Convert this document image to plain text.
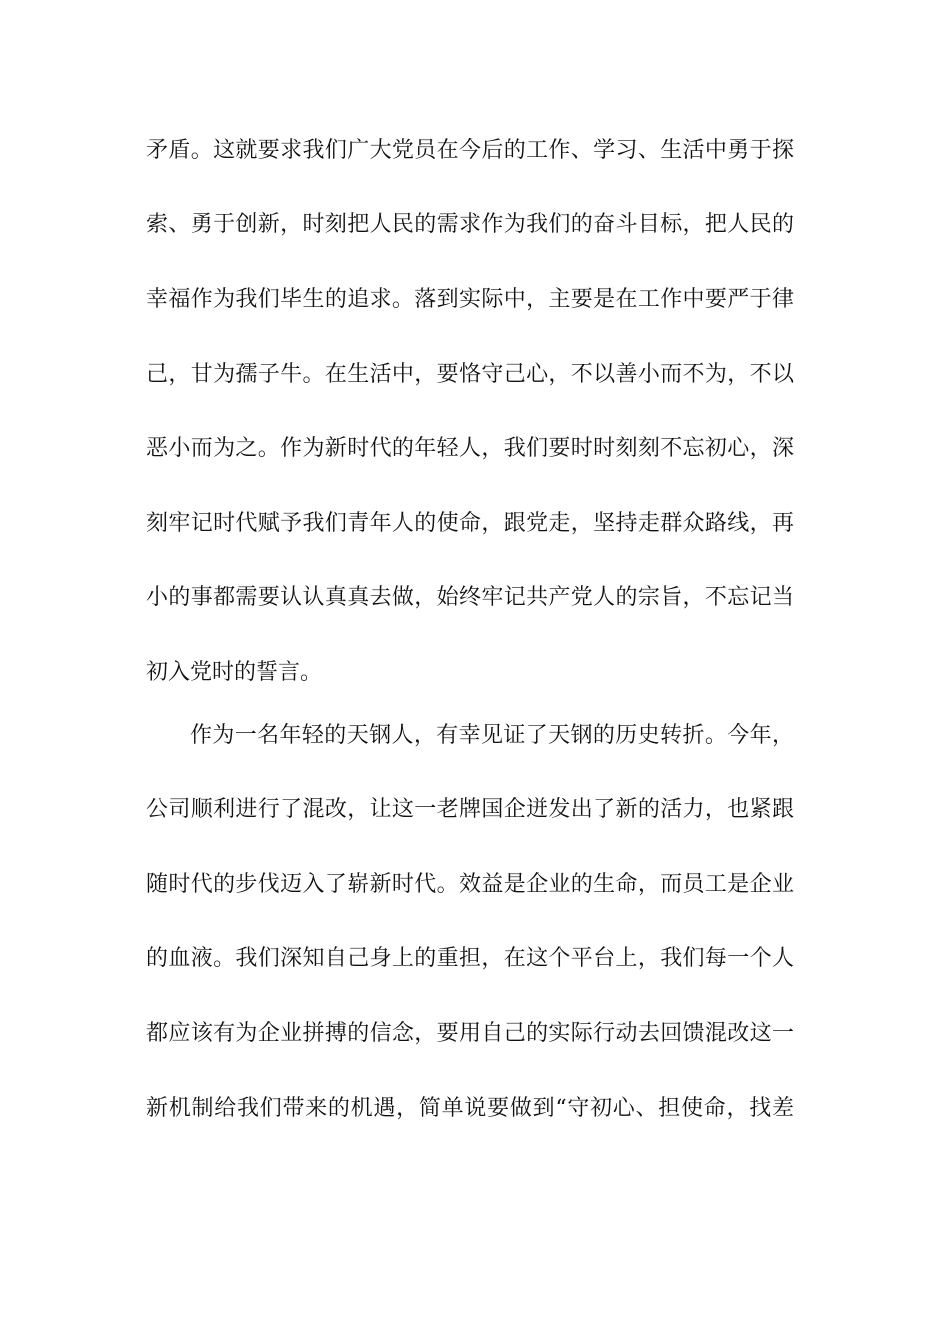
矛盾。这就要求我们广大党员在今后的工作、学习、生活中勇于探
索、勇于创新，时刻把人民的需求作为我们的奋斗目标，把人民的
幸福作为我们毕生的追求。落到实际中，主要是在工作中要严于律
己，甘为孺子牛。在生活中，要恪守己心，不以善小而不为，不以
恶小而为之。作为新时代的年轻人，我们要时时刻刻不忘初心，深
刻牢记时代赋予我们青年人的使命，跟党走，坚持走群众路线，再
小的事都需要认认真真去做，始终牢记共产党人的宗旨，不忘记当
初入党时的誓言。
作为一名年轻的天钢人，有幸见证了天钢的历史转折。今年，
公司顺利进行了混改，让这一老牌国企迸发出了新的活力，也紧跟
随时代的步伐迈入了崭新时代。效益是企业的生命，而员工是企业
的血液。我们深知自己身上的重担，在这个平台上，我们每一个人
都应该有为企业拼搏的信念，要用自己的实际行动去回馈混改这一
新机制给我们带来的机遇，简单说要做到“守初心、担使命，找差
